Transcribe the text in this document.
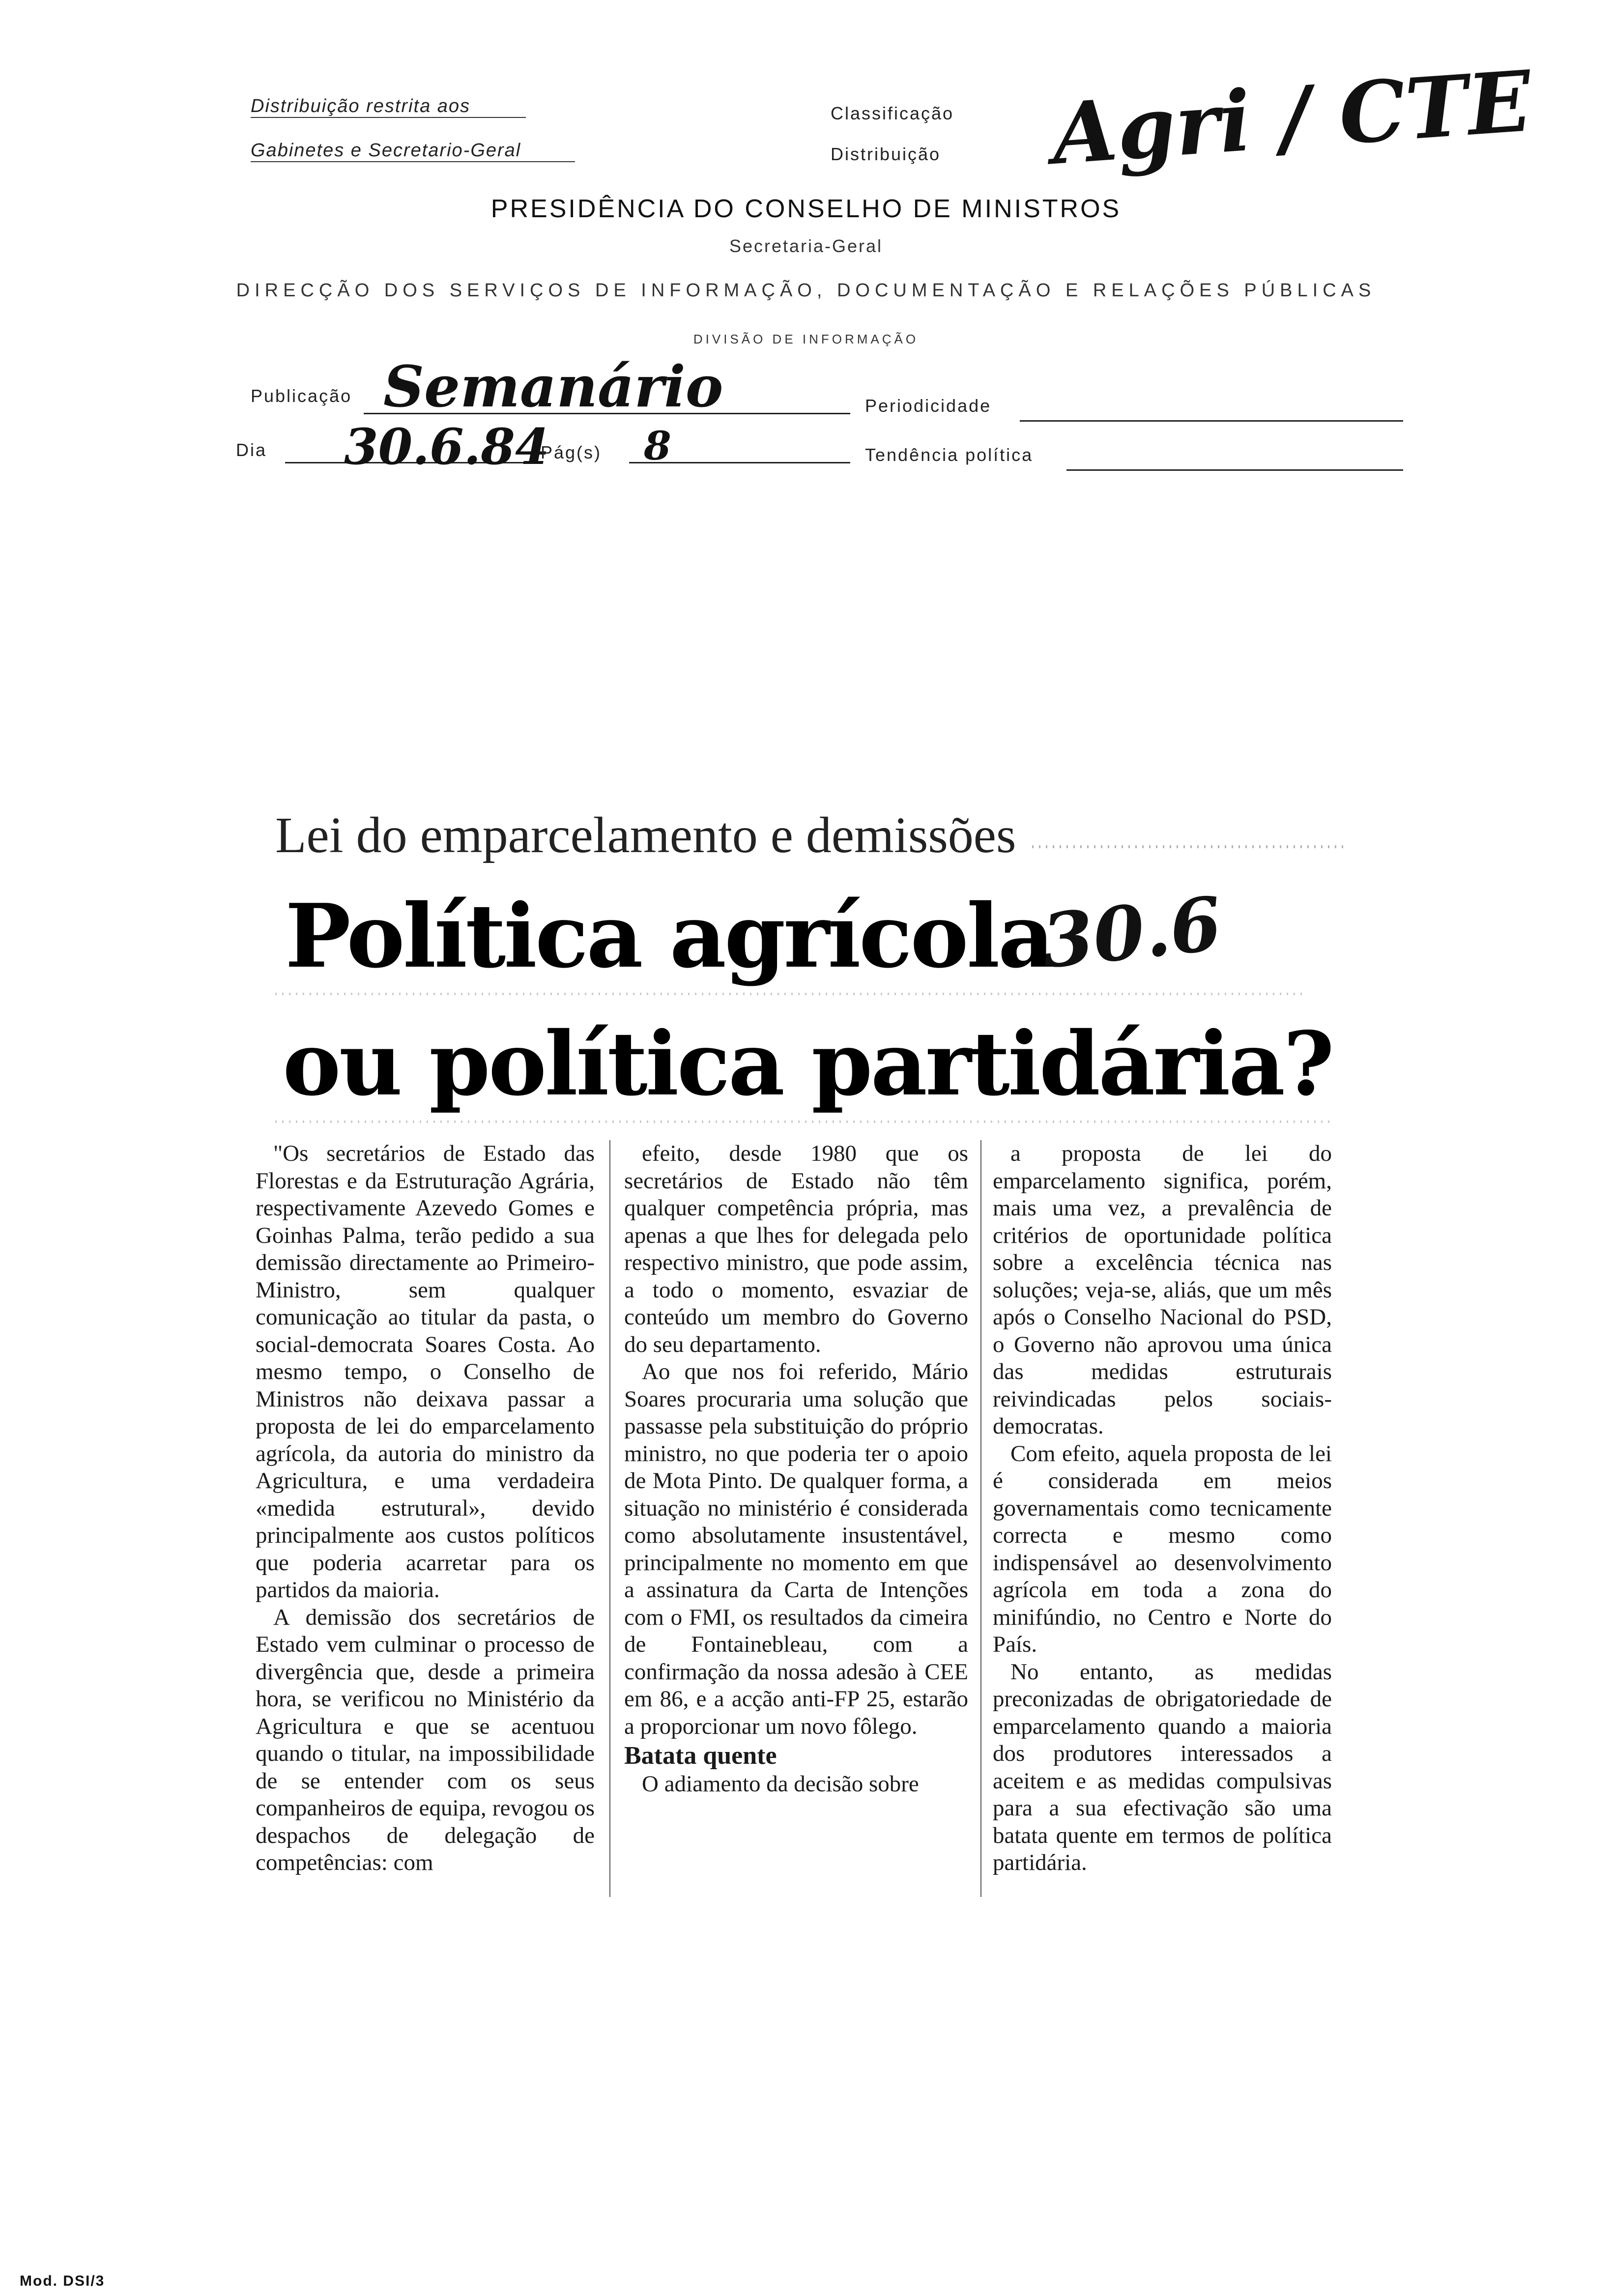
Distribuição restrita aos
Gabinetes e Secretario-Geral
Classificação
Distribuição Agri / CTE
PRESIDÊNCIA DO CONSELHO DE MINISTROS
Secretaria-Geral
DIRECÇÃO DOS SERVIÇOS DE INFORMAÇÃO, DOCUMENTAÇÃO E RELAÇÕES PÚBLICAS
DIVISÃO DE INFORMAÇÃO
Publicação Semanário	Periodicidade
Dia 30.6.84
Pág(s) 8	Tendência política
Lei do emparcelamento e demissões
Política agrícola
30.6
ou política partidária?

"Os secretários de Estado das Florestas e da Estruturação Agrária, respectivamente Azevedo Gomes e Goinhas Palma, terão pedido a sua demissão directamente ao Primeiro-Ministro, sem qualquer comunicação ao titular da pasta, o social-democrata Soares Costa. Ao mesmo tempo, o Conselho de Ministros não deixava passar a proposta de lei do emparcelamento agrícola, da autoria do ministro da Agricultura, e uma verdadeira «medida estrutural», devido principalmente aos custos políticos que poderia acarretar para os partidos da maioria.

A demissão dos secretários de Estado vem culminar o processo de divergência que, desde a primeira hora, se verificou no Ministério da Agricultura e que se acentuou quando o titular, na impossibilidade de se entender com os seus companheiros de equipa, revogou os despachos de delegação de competências: com

efeito, desde 1980 que os secretários de Estado não têm qualquer competência própria, mas apenas a que lhes for delegada pelo respectivo ministro, que pode assim, a todo o momento, esvaziar de conteúdo um membro do Governo do seu departamento.

Ao que nos foi referido, Mário Soares procuraria uma solução que passasse pela substituição do próprio ministro, no que poderia ter o apoio de Mota Pinto. De qualquer forma, a situação no ministério é considerada como absolutamente insustentável, principalmente no momento em que a assinatura da Carta de Intenções com o FMI, os resultados da cimeira de Fontainebleau, com a confirmação da nossa adesão à CEE em 86, e a acção anti-FP 25, estarão a proporcionar um novo fôlego.

Batata quente

O adiamento da decisão sobre

a proposta de lei do emparcelamento significa, porém, mais uma vez, a prevalência de critérios de oportunidade política sobre a excelência técnica nas soluções; veja-se, aliás, que um mês após o Conselho Nacional do PSD, o Governo não aprovou uma única das medidas estruturais reivindicadas pelos sociais-democratas.

Com efeito, aquela proposta de lei é considerada em meios governamentais como tecnicamente correcta e mesmo como indispensável ao desenvolvimento agrícola em toda a zona do minifúndio, no Centro e Norte do País.

No entanto, as medidas preconizadas de obrigatoriedade de emparcelamento quando a maioria dos produtores interessados a aceitem e as medidas compulsivas para a sua efectivação são uma batata quente em termos de política partidária.

Mod. DSI/3
